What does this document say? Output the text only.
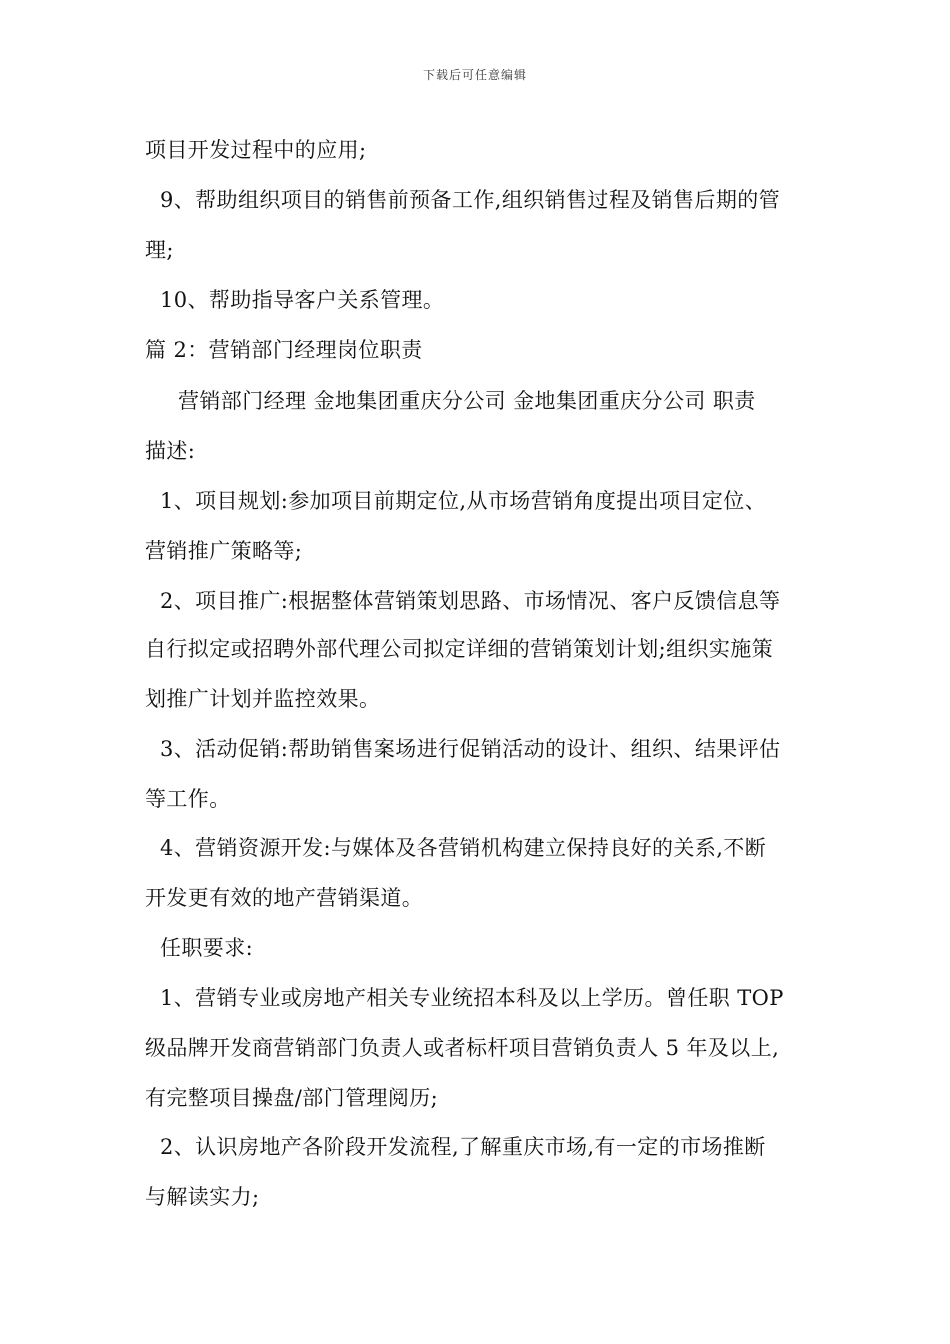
下载后可任意编辑
项目开发过程中的应用;
9、帮助组织项目的销售前预备工作,组织销售过程及销售后期的管
理;
10、帮助指导客户关系管理。
篇 2：营销部门经理岗位职责
营销部门经理 金地集团重庆分公司 金地集团重庆分公司 职责
描述:
1、项目规划:参加项目前期定位,从市场营销角度提出项目定位、
营销推广策略等;
2、项目推广:根据整体营销策划思路、市场情况、客户反馈信息等
自行拟定或招聘外部代理公司拟定详细的营销策划计划;组织实施策
划推广计划并监控效果。
3、活动促销:帮助销售案场进行促销活动的设计、组织、结果评估
等工作。
4、营销资源开发:与媒体及各营销机构建立保持良好的关系,不断
开发更有效的地产营销渠道。
任职要求:
1、营销专业或房地产相关专业统招本科及以上学历。曾任职 TOP
级品牌开发商营销部门负责人或者标杆项目营销负责人 5 年及以上,
有完整项目操盘/部门管理阅历;
2、认识房地产各阶段开发流程,了解重庆市场,有一定的市场推断
与解读实力;
